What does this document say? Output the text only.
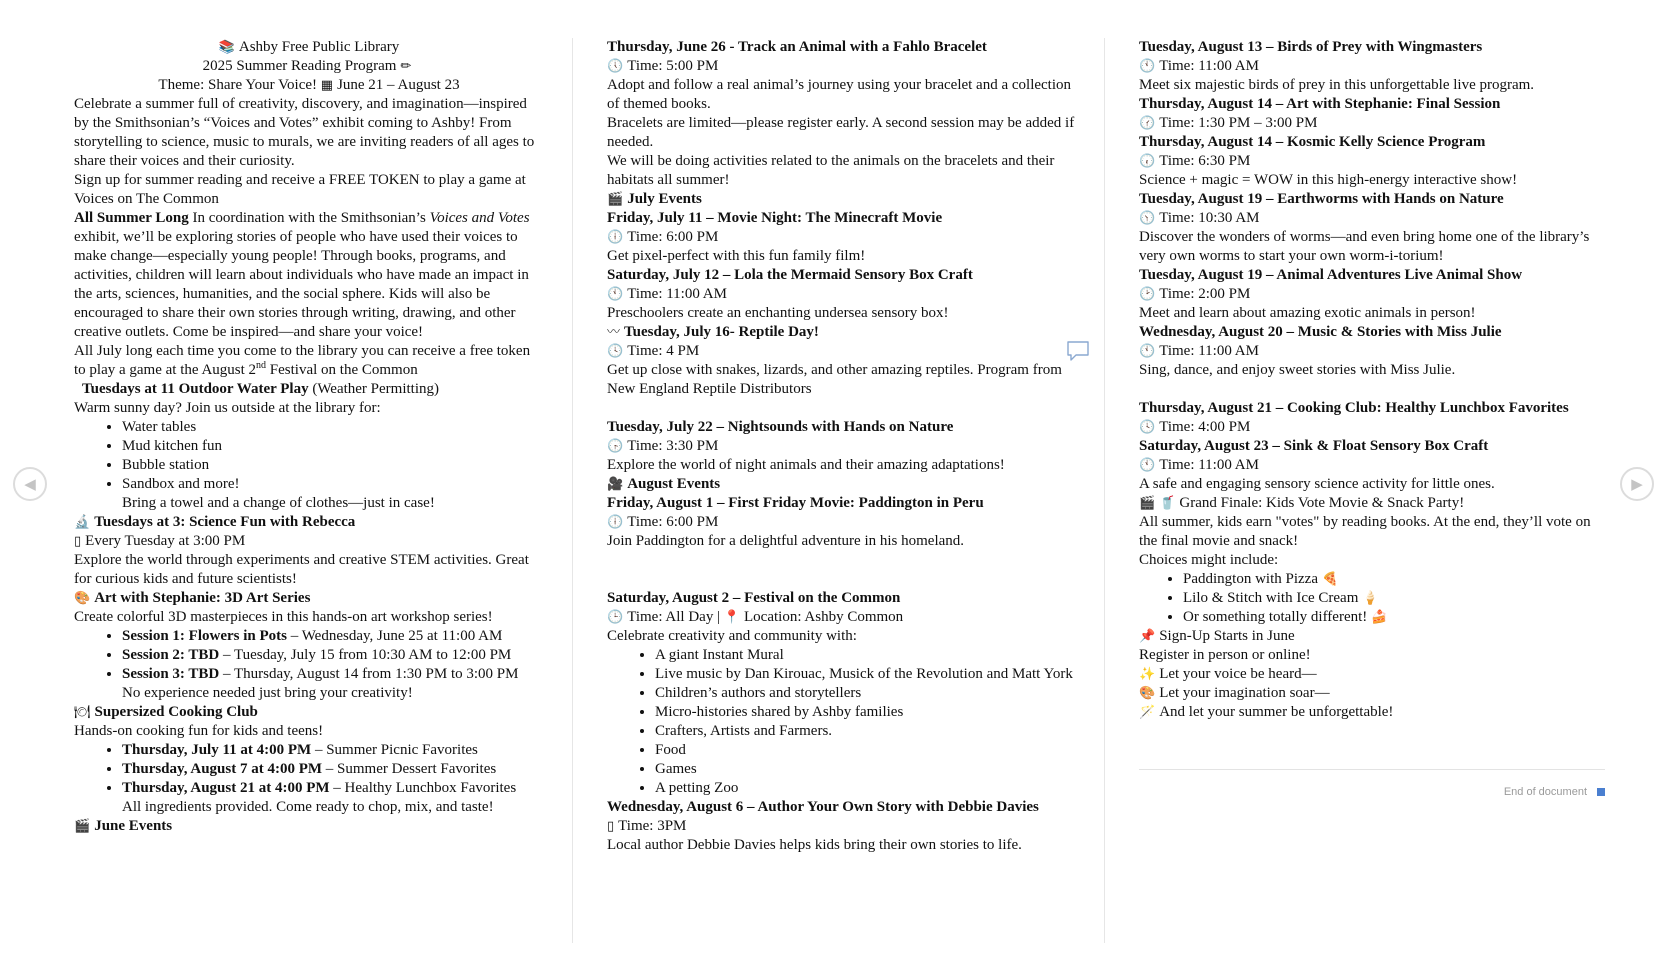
◀	▶

📚 Ashby Free Public Library

2025 Summer Reading Program ✏

Theme: Share Your Voice! ▦ June 21 – August 23

Celebrate a summer full of creativity, discovery, and imagination—inspired by the Smithsonian’s “Voices and Votes” exhibit coming to Ashby! From storytelling to science, music to murals, we are inviting readers of all ages to share their voices and their curiosity.

Sign up for summer reading and receive a FREE TOKEN to play a game at Voices on The Common

All Summer Long In coordination with the Smithsonian’s Voices and Votes exhibit, we’ll be exploring stories of people who have used their voices to make change—especially young people! Through books, programs, and activities, children will learn about individuals who have made an impact in the arts, sciences, humanities, and the social sphere. Kids will also be encouraged to share their own stories through writing, drawing, and other creative outlets. Come be inspired—and share your voice!

All July long each time you come to the library you can receive a free token to play a game at the August 2nd Festival on the Common

Tuesdays at 11 Outdoor Water Play (Weather Permitting)

Warm sunny day? Join us outside at the library for:

• Water tables
• Mud kitchen fun
• Bubble station
• Sandbox and more!

Bring a towel and a change of clothes—just in case!

🔬 Tuesdays at 3: Science Fun with Rebecca

▯ Every Tuesday at 3:00 PM

Explore the world through experiments and creative STEM activities. Great for curious kids and future scientists!

🎨 Art with Stephanie: 3D Art Series

Create colorful 3D masterpieces in this hands-on art workshop series!

• Session 1: Flowers in Pots – Wednesday, June 25 at 11:00 AM
• Session 2: TBD – Tuesday, July 15 from 10:30 AM to 12:00 PM
• Session 3: TBD – Thursday, August 14 from 1:30 PM to 3:00 PM

No experience needed just bring your creativity!

🍽 Supersized Cooking Club

Hands-on cooking fun for kids and teens!

• Thursday, July 11 at 4:00 PM – Summer Picnic Favorites
• Thursday, August 7 at 4:00 PM – Summer Dessert Favorites
• Thursday, August 21 at 4:00 PM – Healthy Lunchbox Favorites

All ingredients provided. Come ready to chop, mix, and taste!

🎬 June Events

Thursday, June 26 - Track an Animal with a Fahlo Bracelet

🕔 Time: 5:00 PM

Adopt and follow a real animal’s journey using your bracelet and a collection of themed books.

Bracelets are limited—please register early. A second session may be added if needed.

We will be doing activities related to the animals on the bracelets and their habitats all summer!

🎬 July Events

Friday, July 11 – Movie Night: The Minecraft Movie

🕕 Time: 6:00 PM

Get pixel-perfect with this fun family film!

Saturday, July 12 – Lola the Mermaid Sensory Box Craft

🕚 Time: 11:00 AM

Preschoolers create an enchanting undersea sensory box!

〰 Tuesday, July 16- Reptile Day!

🕓 Time: 4 PM

Get up close with snakes, lizards, and other amazing reptiles. Program from New England Reptile Distributors

Tuesday, July 22 – Nightsounds with Hands on Nature

🕞 Time: 3:30 PM

Explore the world of night animals and their amazing adaptations!

🎥 August Events

Friday, August 1 – First Friday Movie: Paddington in Peru

🕕 Time: 6:00 PM

Join Paddington for a delightful adventure in his homeland.

Saturday, August 2 – Festival on the Common

🕒 Time: All Day | 📍 Location: Ashby Common

Celebrate creativity and community with:

• A giant Instant Mural
• Live music by Dan Kirouac, Musick of the Revolution and Matt York
• Children’s authors and storytellers
• Micro-histories shared by Ashby families
• Crafters, Artists and Farmers.
• Food
• Games
• A petting Zoo

Wednesday, August 6 – Author Your Own Story with Debbie Davies

▯ Time: 3PM

Local author Debbie Davies helps kids bring their own stories to life.

Tuesday, August 13 – Birds of Prey with Wingmasters

🕚 Time: 11:00 AM

Meet six majestic birds of prey in this unforgettable live program.

Thursday, August 14 – Art with Stephanie: Final Session

🕜 Time: 1:30 PM – 3:00 PM

Thursday, August 14 – Kosmic Kelly Science Program

🕡 Time: 6:30 PM

Science + magic = WOW in this high-energy interactive show!

Tuesday, August 19 – Earthworms with Hands on Nature

🕥 Time: 10:30 AM

Discover the wonders of worms—and even bring home one of the library’s very own worms to start your own worm-i-torium!

Tuesday, August 19 – Animal Adventures Live Animal Show

🕑 Time: 2:00 PM

Meet and learn about amazing exotic animals in person!

Wednesday, August 20 – Music & Stories with Miss Julie

🕚 Time: 11:00 AM

Sing, dance, and enjoy sweet stories with Miss Julie.

Thursday, August 21 – Cooking Club: Healthy Lunchbox Favorites

🕓 Time: 4:00 PM

Saturday, August 23 – Sink & Float Sensory Box Craft

🕚 Time: 11:00 AM

A safe and engaging sensory science activity for little ones.

🎬 🥤 Grand Finale: Kids Vote Movie & Snack Party!

All summer, kids earn "votes" by reading books. At the end, they’ll vote on the final movie and snack!

Choices might include:

• Paddington with Pizza 🍕
• Lilo & Stitch with Ice Cream 🍦
• Or something totally different! 🍰

📌 Sign-Up Starts in June

Register in person or online!

✨ Let your voice be heard—

🎨 Let your imagination soar—

🪄 And let your summer be unforgettable!

End of document
